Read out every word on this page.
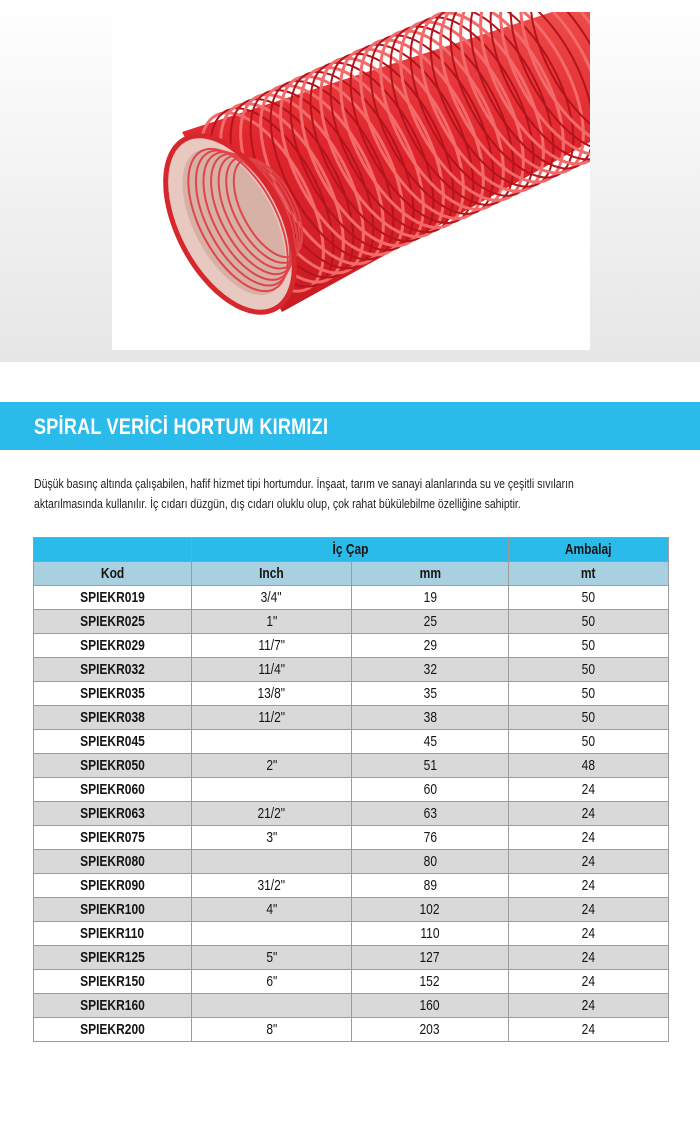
SPİRAL VERİCİ HORTUM KIRMIZI

Düşük basınç altında çalışabilen, hafif hizmet tipi hortumdur. İnşaat, tarım ve sanayi alanlarında su ve çeşitli sıvıların

aktarılmasında kullanılır. İç cıdarı düzgün, dış cıdarı oluklu olup, çok rahat bükülebilme özelliğine sahiptir.

	İç Çap		Ambalaj
Kod	Inch	mm	mt
SPIEKR019	3/4"	19	50
SPIEKR025	1"	25	50
SPIEKR029	11/7"	29	50
SPIEKR032	11/4"	32	50
SPIEKR035	13/8"	35	50
SPIEKR038	11/2"	38	50
SPIEKR045		45	50
SPIEKR050	2"	51	48
SPIEKR060		60	24
SPIEKR063	21/2"	63	24
SPIEKR075	3"	76	24
SPIEKR080		80	24
SPIEKR090	31/2"	89	24
SPIEKR100	4"	102	24
SPIEKR110		110	24
SPIEKR125	5"	127	24
SPIEKR150	6"	152	24
SPIEKR160		160	24
SPIEKR200	8"	203	24
